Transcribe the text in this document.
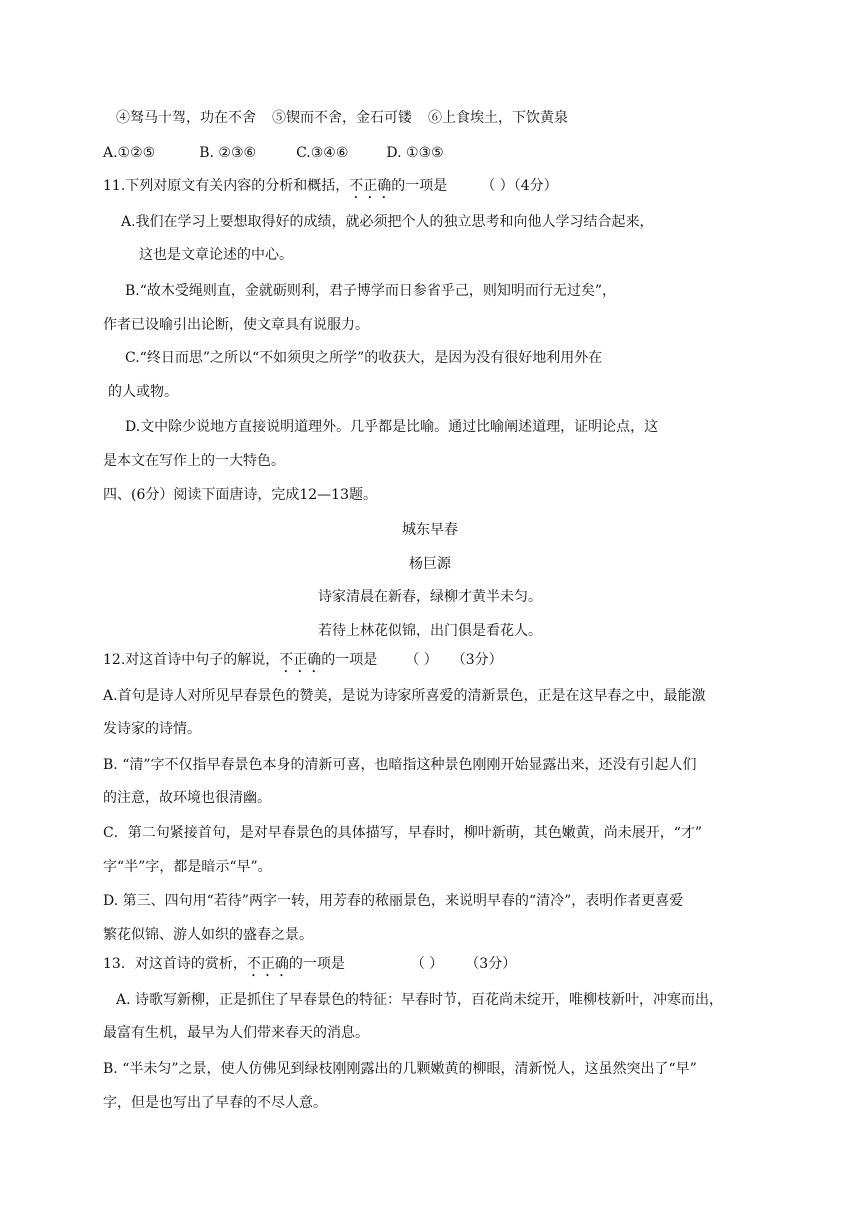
④驽马十驾，功在不舍 ⑤锲而不舍，金石可镂 ⑥上食埃土，下饮黄泉
A.①②⑤	B. ②③⑥	C.③④⑥	D. ①③⑤
11.下列对原文有关内容的分析和概括，不正确的一项是 （ ）（4分）
A.我们在学习上要想取得好的成绩，就必须把个人的独立思考和向他人学习结合起来，
这也是文章论述的中心。
B.“故木受绳则直，金就砺则利，君子博学而日参省乎己，则知明而行无过矣”，
作者已设喻引出论断，使文章具有说服力。
C.“终日而思”之所以“不如须臾之所学”的收获大，是因为没有很好地利用外在
的人或物。
D.文中除少说地方直接说明道理外。几乎都是比喻。通过比喻阐述道理，证明论点，这
是本文在写作上的一大特色。
四、(6分）阅读下面唐诗，完成12—13题。
城东早春
杨巨源
诗家清晨在新春，绿柳才黄半未匀。
若待上林花似锦，出门俱是看花人。
12.对这首诗中句子的解说，不正确的一项是 （ ） （3分）
A.首句是诗人对所见早春景色的赞美，是说为诗家所喜爱的清新景色，正是在这早春之中，最能激
发诗家的诗情。
B. “清”字不仅指早春景色本身的清新可喜，也暗指这种景色刚刚开始显露出来，还没有引起人们
的注意，故环境也很清幽。
C．第二句紧接首句，是对早春景色的具体描写，早春时，柳叶新萌，其色嫩黄，尚未展开，“才”
字“半”字，都是暗示“早”。
D. 第三、四句用“若待”两字一转，用芳春的秾丽景色，来说明早春的“清冷”，表明作者更喜爱
繁花似锦、游人如织的盛春之景。
13．对这首诗的赏析，不正确的一项是	（ ） （3分）
A. 诗歌写新柳，正是抓住了早春景色的特征：早春时节，百花尚未绽开，唯柳枝新叶，冲寒而出，
最富有生机，最早为人们带来春天的消息。
B. “半未匀”之景，使人仿佛见到绿枝刚刚露出的几颗嫩黄的柳眼，清新悦人，这虽然突出了“早”
字，但是也写出了早春的不尽人意。
